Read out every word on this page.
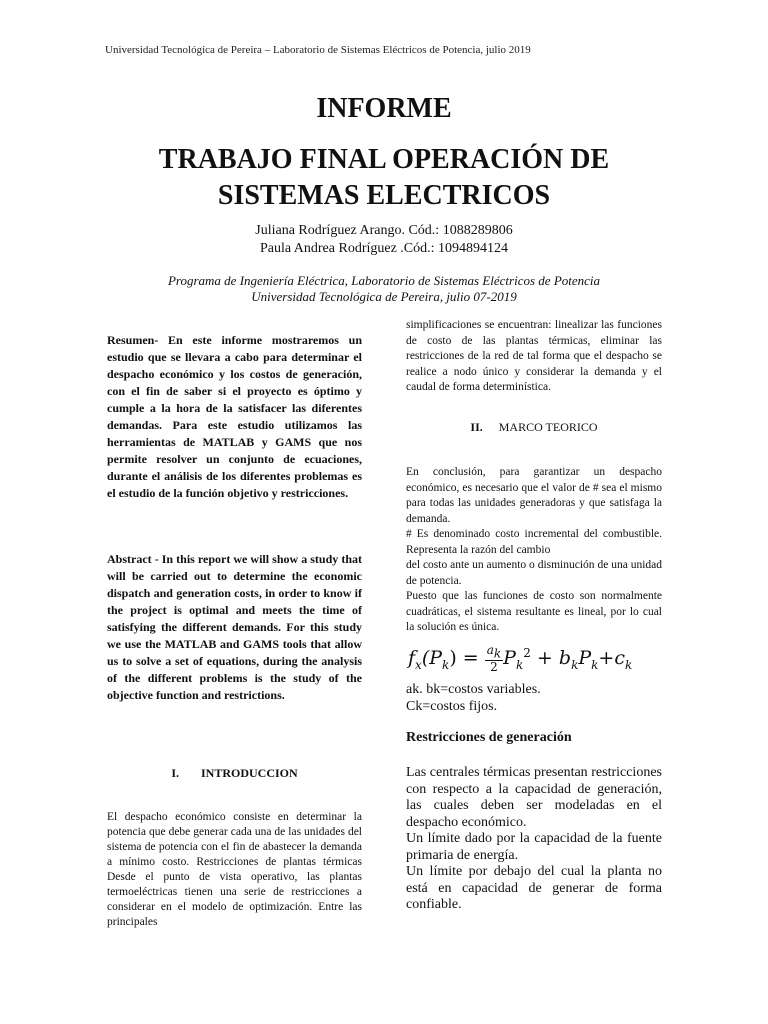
Universidad Tecnológica de Pereira – Laboratorio de Sistemas Eléctricos de Potencia, julio 2019
INFORME
TRABAJO FINAL OPERACIÓN DE
SISTEMAS ELECTRICOS
Juliana Rodríguez Arango. Cód.: 1088289806
Paula Andrea Rodríguez .Cód.: 1094894124
Programa de Ingeniería Eléctrica, Laboratorio de Sistemas Eléctricos de Potencia
Universidad Tecnológica de Pereira, julio 07-2019
Resumen- En este informe mostraremos un estudio que se llevara a cabo para determinar el despacho económico y los costos de generación, con el fin de saber si el proyecto es óptimo y cumple a la hora de la satisfacer las diferentes demandas. Para este estudio utilizamos las herramientas de MATLAB y GAMS que nos permite resolver un conjunto de ecuaciones, durante el análisis de los diferentes problemas es el estudio de la función objetivo y restricciones.
Abstract - In this report we will show a study that will be carried out to determine the economic dispatch and generation costs, in order to know if the project is optimal and meets the time of satisfying the different demands. For this study we use the MATLAB and GAMS tools that allow us to solve a set of equations, during the analysis of the different problems is the study of the objective function and restrictions.
I. INTRODUCCION
El despacho económico consiste en determinar la potencia que debe generar cada una de las unidades del sistema de potencia con el fin de abastecer la demanda a mínimo costo. Restricciones de plantas térmicas Desde el punto de vista operativo, las plantas termoeléctricas tienen una serie de restricciones a considerar en el modelo de optimización. Entre las principales
simplificaciones se encuentran: linealizar las funciones de costo de las plantas térmicas, eliminar las restricciones de la red de tal forma que el despacho se realice a nodo único y considerar la demanda y el caudal de forma determinística.
II. MARCO TEORICO
En conclusión, para garantizar un despacho económico, es necesario que el valor de # sea el mismo para todas las unidades generadoras y que satisfaga la demanda.
# Es denominado costo incremental del combustible. Representa la razón del cambio
del costo ante un aumento o disminución de una unidad de potencia.
Puesto que las funciones de costo son normalmente cuadráticas, el sistema resultante es lineal, por lo cual la solución es única.
$f_x(P_k) = \frac{a_k}{2} P_k^2 + b_kP_k+c_k$
ak. bk=costos variables.
Ck=costos fijos.
Restricciones de generación
Las centrales térmicas presentan restricciones con respecto a la capacidad de generación, las cuales deben ser modeladas en el despacho económico.
Un límite dado por la capacidad de la fuente primaria de energía.
Un límite por debajo del cual la planta no está en capacidad de generar de forma confiable.
